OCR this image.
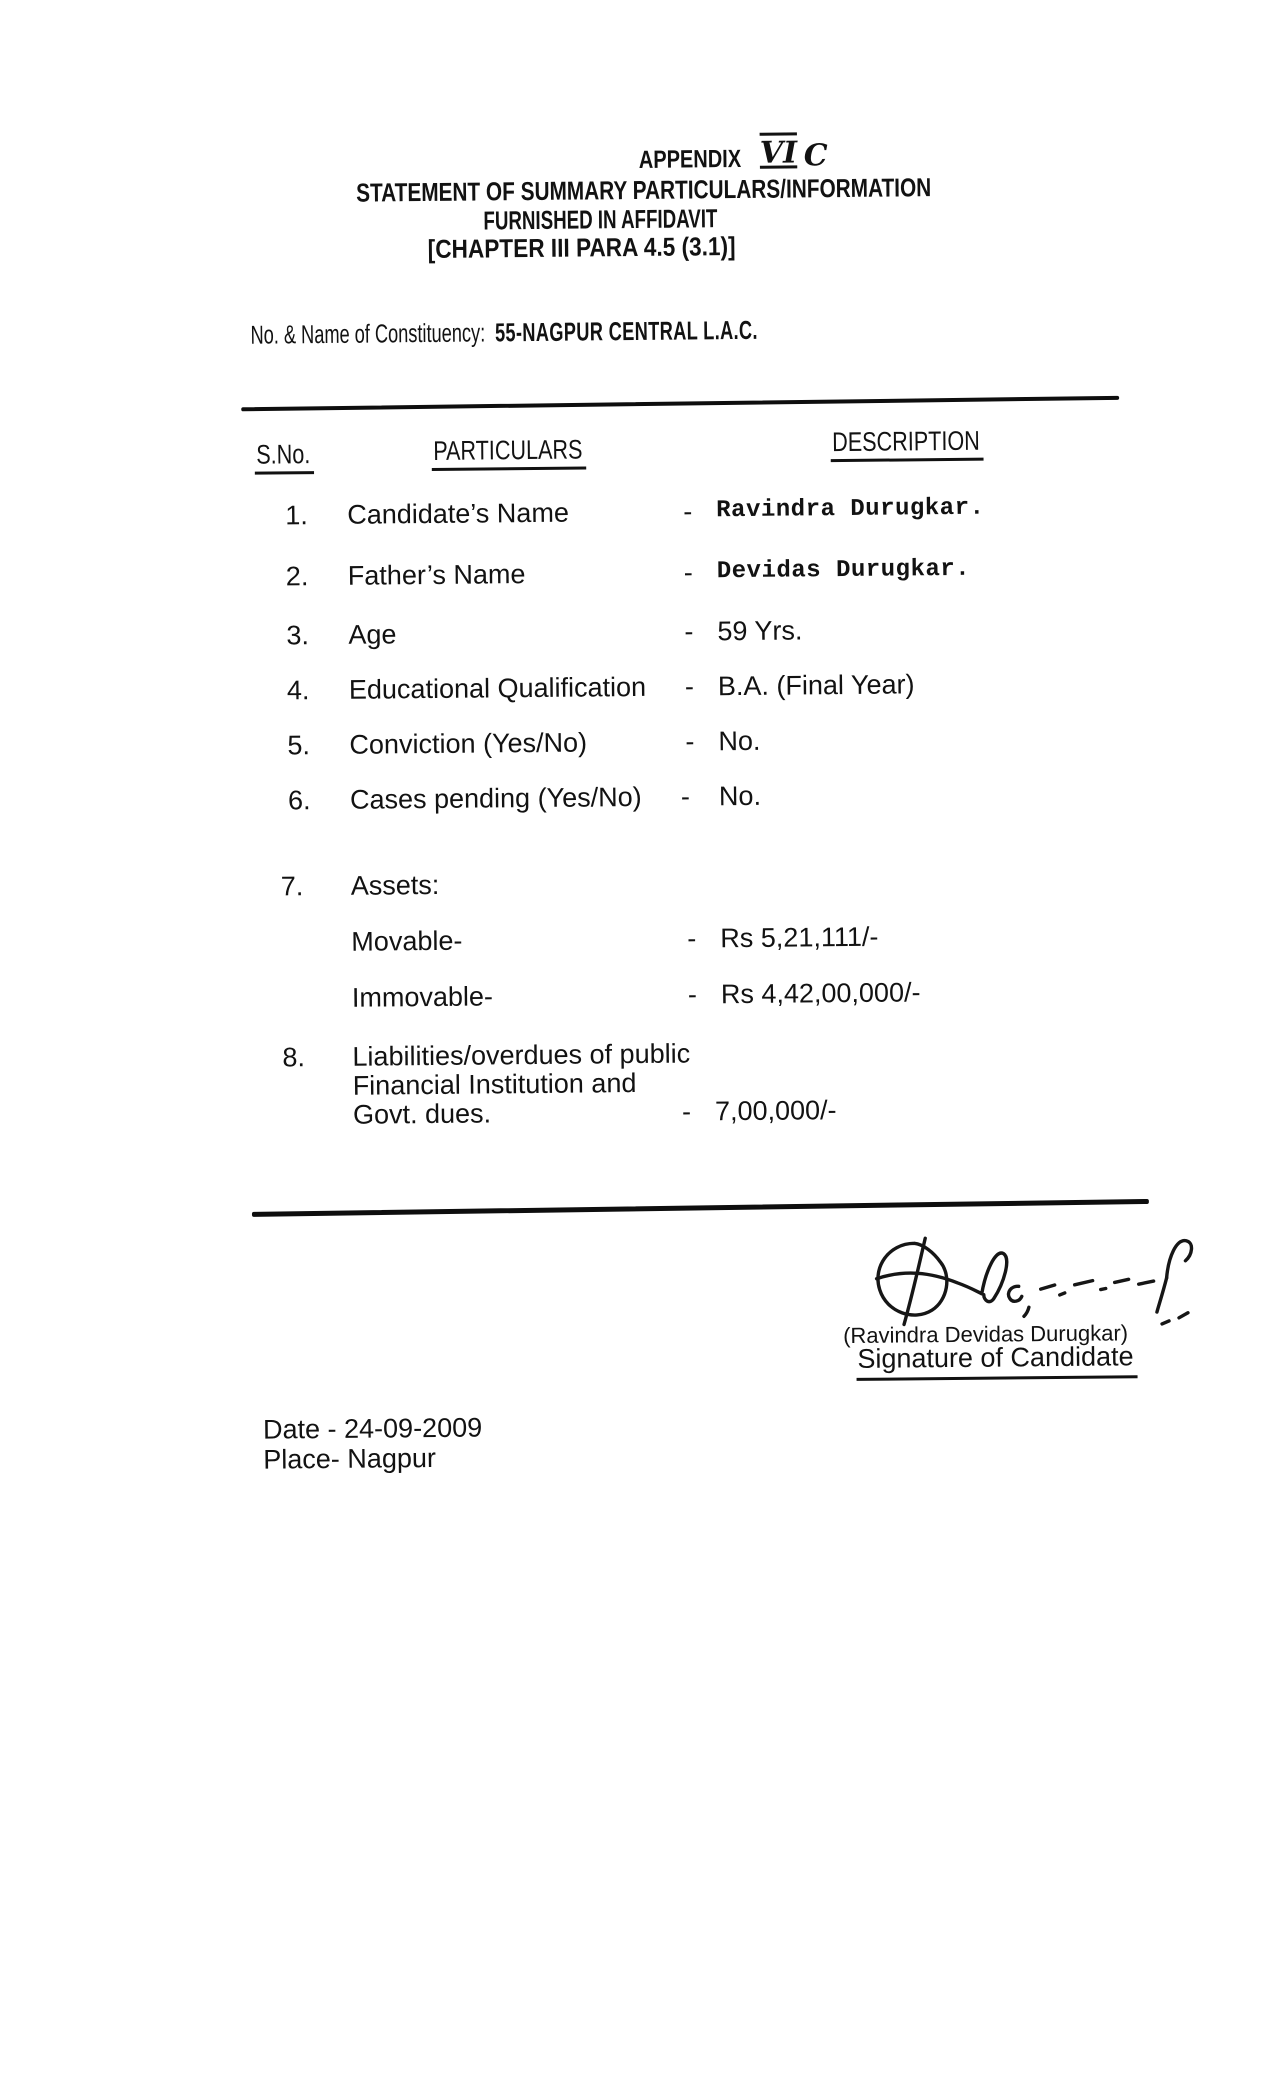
APPENDIX VI C
STATEMENT OF SUMMARY PARTICULARS/INFORMATION
FURNISHED IN AFFIDAVIT
[CHAPTER III PARA 4.5 (3.1)]
No. & Name of Constituency: 55-NAGPUR CENTRAL L.A.C.
S.No.	PARTICULARS	DESCRIPTION
1. Candidate’s Name	- Ravindra Durugkar.
2. Father’s Name	- Devidas Durugkar.
3. Age	- 59 Yrs.
4. Educational Qualification - B.A. (Final Year)
5. Conviction (Yes/No)	- No.
6. Cases pending (Yes/No) - No.
7. Assets:
Movable-	- Rs 5,21,111/-
Immovable-	- Rs 4,42,00,000/-
8. Liabilities/overdues of public
Financial Institution and
Govt. dues.	- 7,00,000/-
(Ravindra Devidas Durugkar)
Signature of Candidate
Date - 24-09-2009
Place- Nagpur
